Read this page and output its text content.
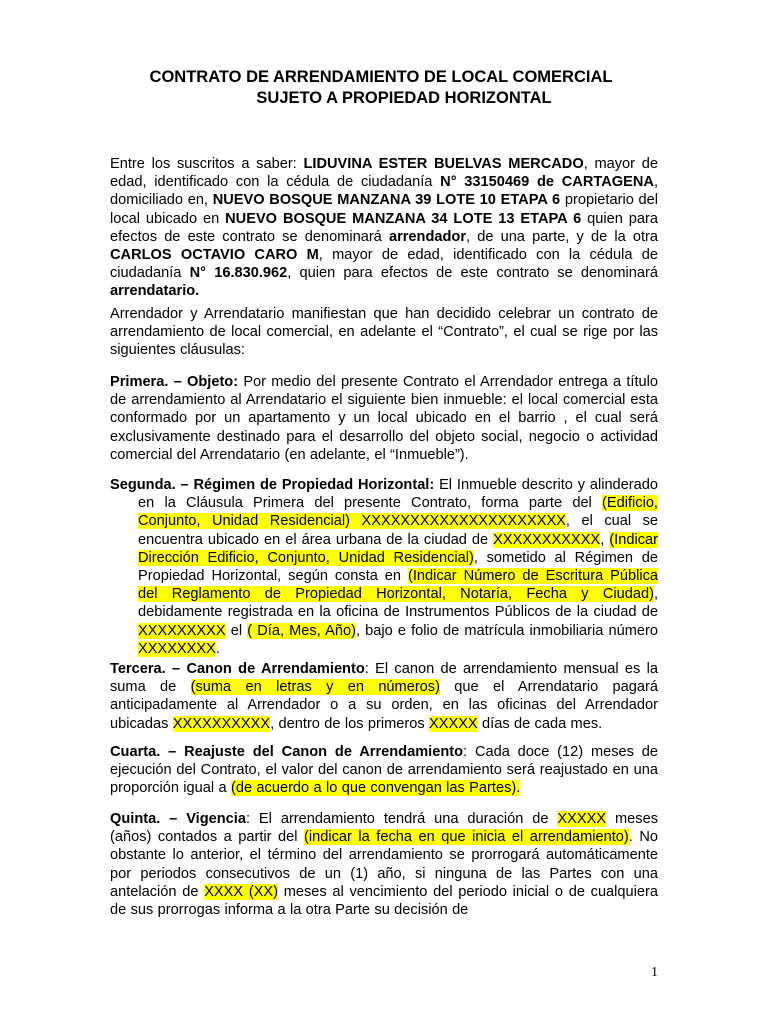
CONTRATO DE ARRENDAMIENTO DE LOCAL COMERCIAL
SUJETO A PROPIEDAD HORIZONTAL
Entre los suscritos a saber: LIDUVINA ESTER BUELVAS MERCADO, mayor de edad, identificado con la cédula de ciudadanía N° 33150469 de CARTAGENA, domiciliado en, NUEVO BOSQUE MANZANA 39 LOTE 10 ETAPA 6 propietario del local ubicado en NUEVO BOSQUE MANZANA 34 LOTE 13 ETAPA 6 quien para efectos de este contrato se denominará arrendador, de una parte, y de la otra CARLOS OCTAVIO CARO M, mayor de edad, identificado con la cédula de ciudadanía N° 16.830.962, quien para efectos de este contrato se denominará arrendatario.
Arrendador y Arrendatario manifiestan que han decidido celebrar un contrato de arrendamiento de local comercial, en adelante el “Contrato”, el cual se rige por las siguientes cláusulas:
Primera. – Objeto: Por medio del presente Contrato el Arrendador entrega a título de arrendamiento al Arrendatario el siguiente bien inmueble: el local comercial esta conformado por un apartamento y un local ubicado en el barrio , el cual será exclusivamente destinado para el desarrollo del objeto social, negocio o actividad comercial del Arrendatario (en adelante, el “Inmueble”).
Segunda. – Régimen de Propiedad Horizontal: El Inmueble descrito y alinderado en la Cláusula Primera del presente Contrato, forma parte del (Edificio, Conjunto, Unidad Residencial) XXXXXXXXXXXXXXXXXXXXX, el cual se encuentra ubicado en el área urbana de la ciudad de XXXXXXXXXXX, (Indicar Dirección Edificio, Conjunto, Unidad Residencial), sometido al Régimen de Propiedad Horizontal, según consta en (Indicar Número de Escritura Pública del Reglamento de Propiedad Horizontal, Notaría, Fecha y Ciudad), debidamente registrada en la oficina de Instrumentos Públicos de la ciudad de XXXXXXXXX el ( Día, Mes, Año), bajo e folio de matrícula inmobiliaria número XXXXXXXX.
Tercera. – Canon de Arrendamiento: El canon de arrendamiento mensual es la suma de (suma en letras y en números) que el Arrendatario pagará anticipadamente al Arrendador o a su orden, en las oficinas del Arrendador ubicadas XXXXXXXXXX, dentro de los primeros XXXXX días de cada mes.
Cuarta. – Reajuste del Canon de Arrendamiento: Cada doce (12) meses de ejecución del Contrato, el valor del canon de arrendamiento será reajustado en una proporción igual a (de acuerdo a lo que convengan las Partes).
Quinta. – Vigencia: El arrendamiento tendrá una duración de XXXXX meses (años) contados a partir del (indicar la fecha en que inicia el arrendamiento). No obstante lo anterior, el término del arrendamiento se prorrogará automáticamente por periodos consecutivos de un (1) año, si ninguna de las Partes con una antelación de XXXX (XX) meses al vencimiento del periodo inicial o de cualquiera de sus prorrogas informa a la otra Parte su decisión de
1
